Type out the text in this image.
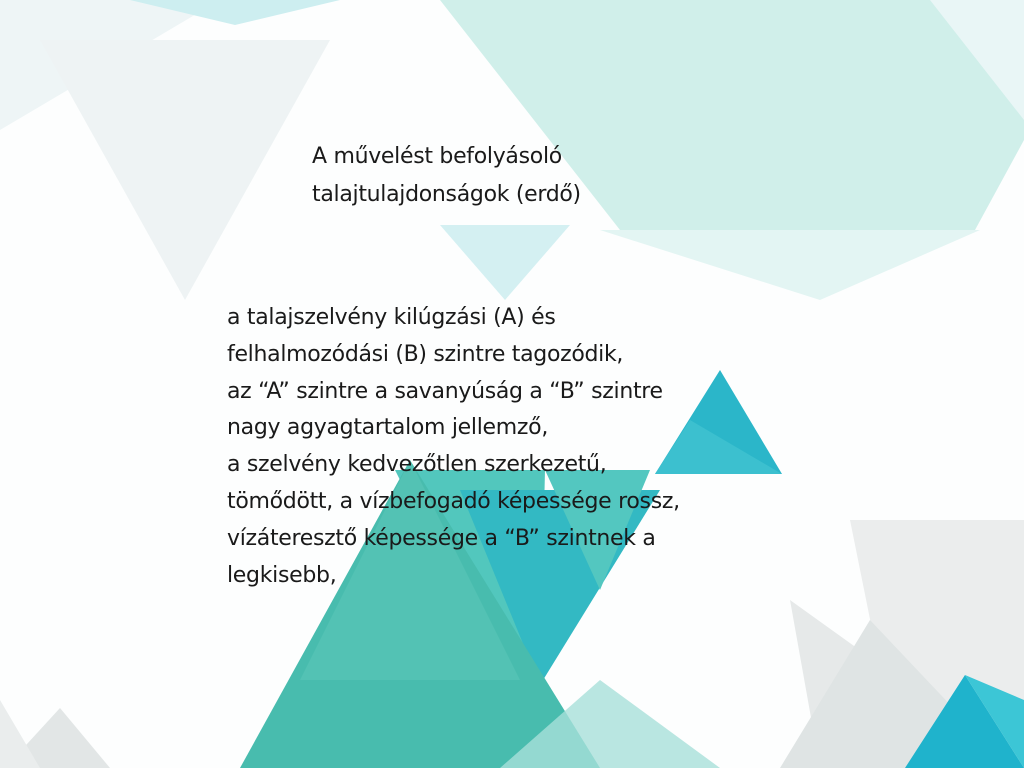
A művelést befolyásoló
talajtulajdonságok (erdő)

a talajszelvény kilúgzási (A) és
felhalmozódási (B) szintre tagozódik,
az “A” szintre a savanyúság a “B” szintre
nagy agyagtartalom jellemző,
a szelvény kedvezőtlen szerkezetű,
tömődött, a vízbefogadó képessége rossz,
vízáteresztő képessége a “B” szintnek a
legkisebb,
